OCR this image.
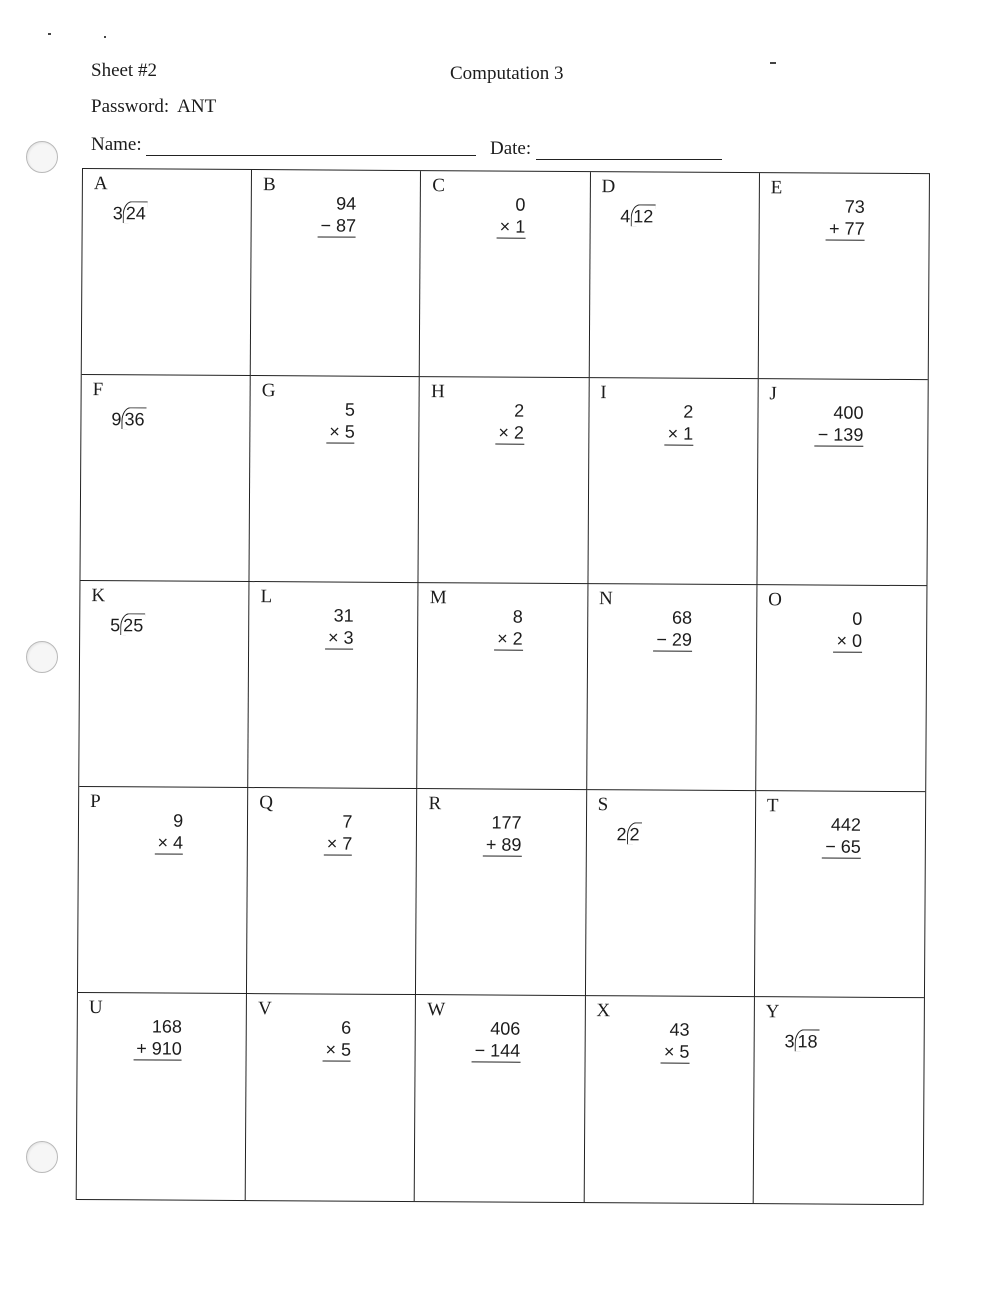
Sheet #2	Computation 3
Password: ANT
Name:	Date:
A
3 24
B
94
− 87
C
0
× 1
D
4 12
E
73
+ 77
F
9 36
G
5
× 5
H
2
× 2
I
2
× 1
J
400
− 139
K
5 25
L
31
× 3
M
8
× 2
N
68
− 29
O
0
× 0
P
9
× 4
Q
7
× 7
R
177
+ 89
S
2 2
T
442
− 65
U
168
+ 910
V
6
× 5
W
406
− 144
X
43
× 5
Y
3 18
